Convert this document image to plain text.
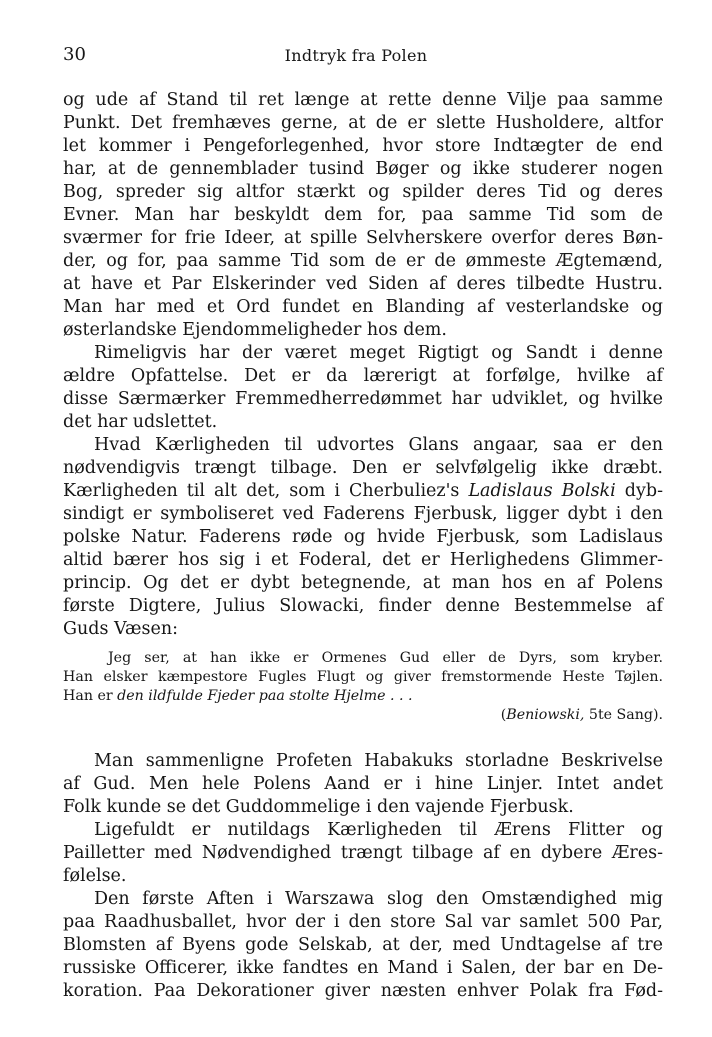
30	Indtryk fra Polen
og ude af Stand til ret længe at rette denne Vilje paa samme
Punkt. Det fremhæves gerne, at de er slette Husholdere, altfor
let kommer i Pengeforlegenhed, hvor store Indtægter de end
har, at de gennemblader tusind Bøger og ikke studerer nogen
Bog, spreder sig altfor stærkt og spilder deres Tid og deres
Evner. Man har beskyldt dem for, paa samme Tid som de
sværmer for frie Ideer, at spille Selvherskere overfor deres Bøn-
der, og for, paa samme Tid som de er de ømmeste Ægtemænd,
at have et Par Elskerinder ved Siden af deres tilbedte Hustru.
Man har med et Ord fundet en Blanding af vesterlandske og
østerlandske Ejendommeligheder hos dem.
Rimeligvis har der været meget Rigtigt og Sandt i denne
ældre Opfattelse. Det er da lærerigt at forfølge, hvilke af
disse Særmærker Fremmedherredømmet har udviklet, og hvilke
det har udslettet.
Hvad Kærligheden til udvortes Glans angaar, saa er den
nødvendigvis trængt tilbage. Den er selvfølgelig ikke dræbt.
Kærligheden til alt det, som i Cherbuliez's Ladislaus Bolski dyb-
sindigt er symboliseret ved Faderens Fjerbusk, ligger dybt i den
polske Natur. Faderens røde og hvide Fjerbusk, som Ladislaus
altid bærer hos sig i et Foderal, det er Herlighedens Glimmer-
princip. Og det er dybt betegnende, at man hos en af Polens
første Digtere, Julius Slowacki, finder denne Bestemmelse af
Guds Væsen:
Jeg ser, at han ikke er Ormenes Gud eller de Dyrs, som kryber.
Han elsker kæmpestore Fugles Flugt og giver fremstormende Heste Tøjlen.
Han er den ildfulde Fjeder paa stolte Hjelme . . .
(Beniowski, 5te Sang).
Man sammenligne Profeten Habakuks storladne Beskrivelse
af Gud. Men hele Polens Aand er i hine Linjer. Intet andet
Folk kunde se det Guddommelige i den vajende Fjerbusk.
Ligefuldt er nutildags Kærligheden til Ærens Flitter og
Pailletter med Nødvendighed trængt tilbage af en dybere Æres-
følelse.
Den første Aften i Warszawa slog den Omstændighed mig
paa Raadhusballet, hvor der i den store Sal var samlet 500 Par,
Blomsten af Byens gode Selskab, at der, med Undtagelse af tre
russiske Officerer, ikke fandtes en Mand i Salen, der bar en De-
koration. Paa Dekorationer giver næsten enhver Polak fra Fød-
